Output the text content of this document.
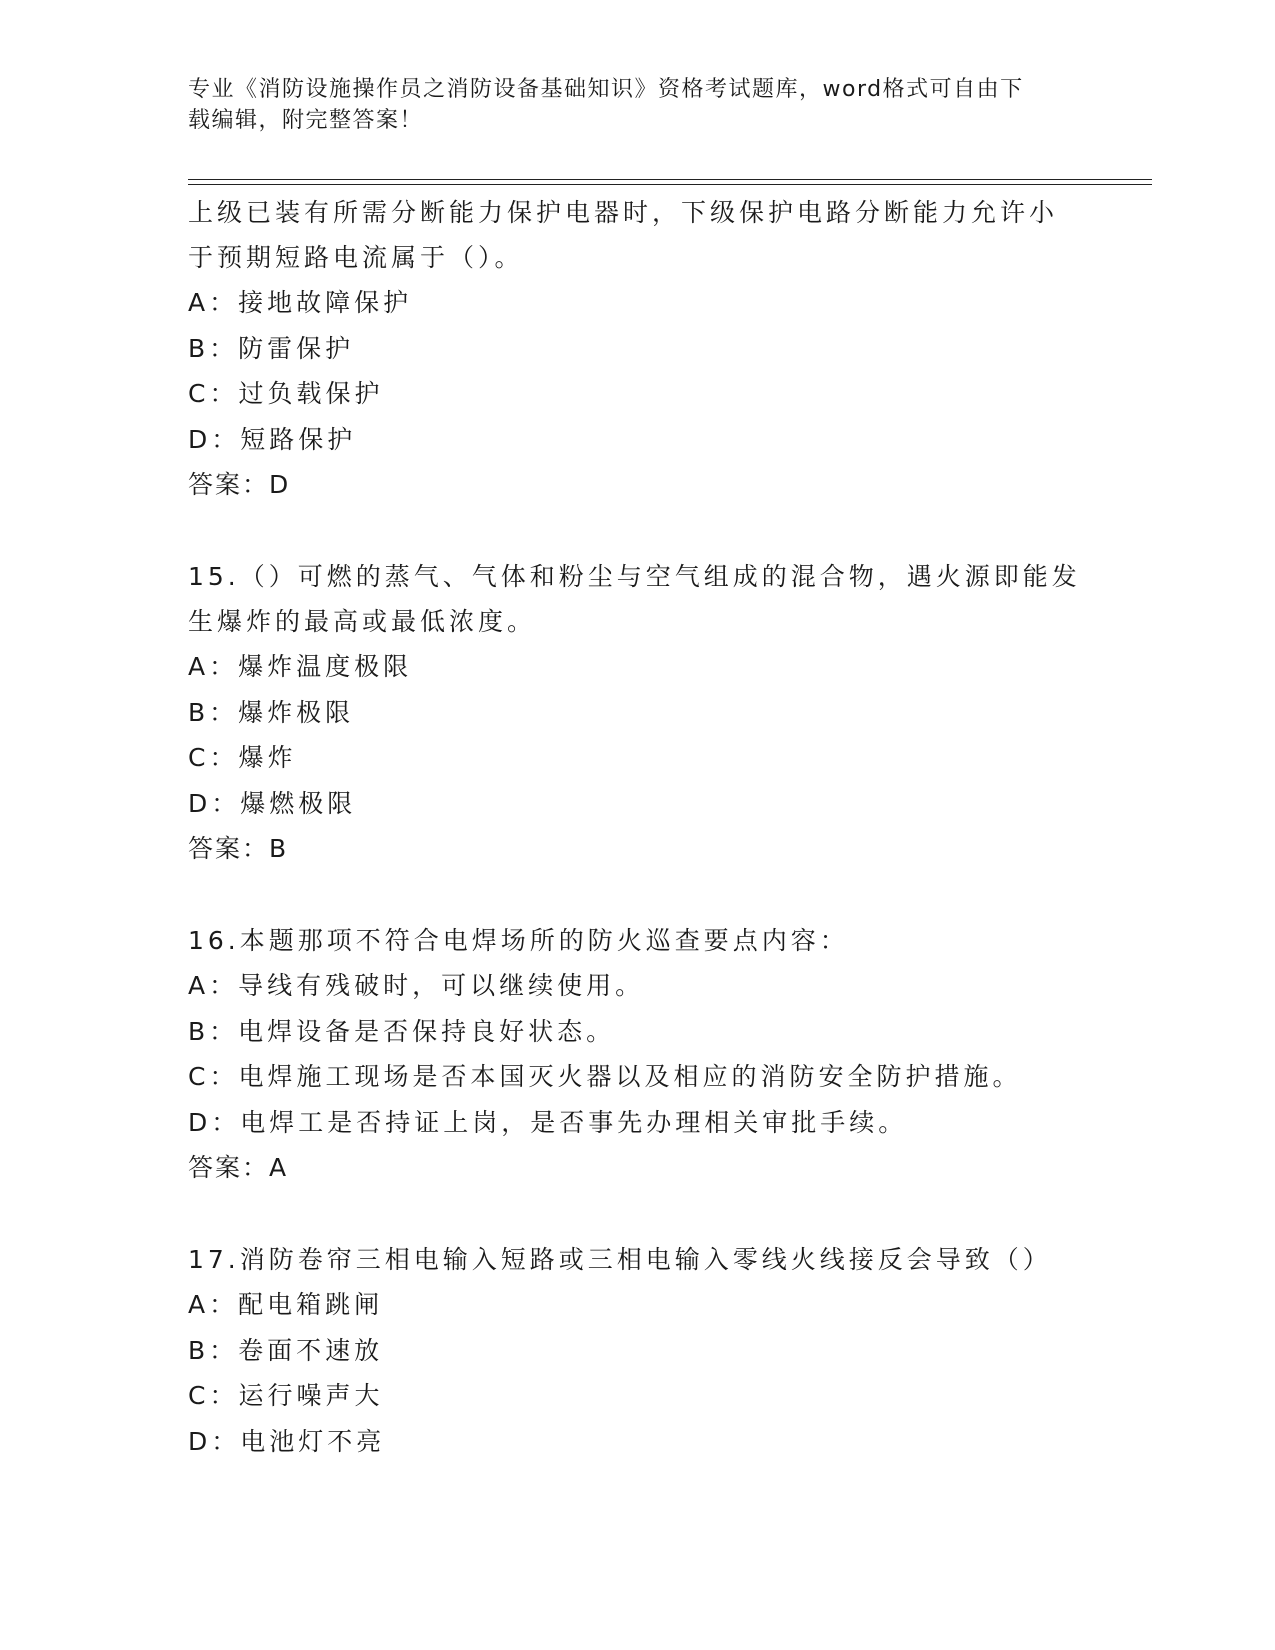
专业《消防设施操作员之消防设备基础知识》资格考试题库，word格式可自由下
载编辑，附完整答案！

上级已装有所需分断能力保护电器时，下级保护电路分断能力允许小

于预期短路电流属于（）。

A：接地故障保护

B：防雷保护

C：过负载保护

D：短路保护

答案：D

15.（）可燃的蒸气、气体和粉尘与空气组成的混合物，遇火源即能发

生爆炸的最高或最低浓度。

A：爆炸温度极限

B：爆炸极限

C：爆炸

D：爆燃极限

答案：B

16.本题那项不符合电焊场所的防火巡查要点内容：

A：导线有残破时，可以继续使用。

B：电焊设备是否保持良好状态。

C：电焊施工现场是否本国灭火器以及相应的消防安全防护措施。

D：电焊工是否持证上岗，是否事先办理相关审批手续。

答案：A

17.消防卷帘三相电输入短路或三相电输入零线火线接反会导致（）

A：配电箱跳闸

B：卷面不速放

C：运行噪声大

D：电池灯不亮
